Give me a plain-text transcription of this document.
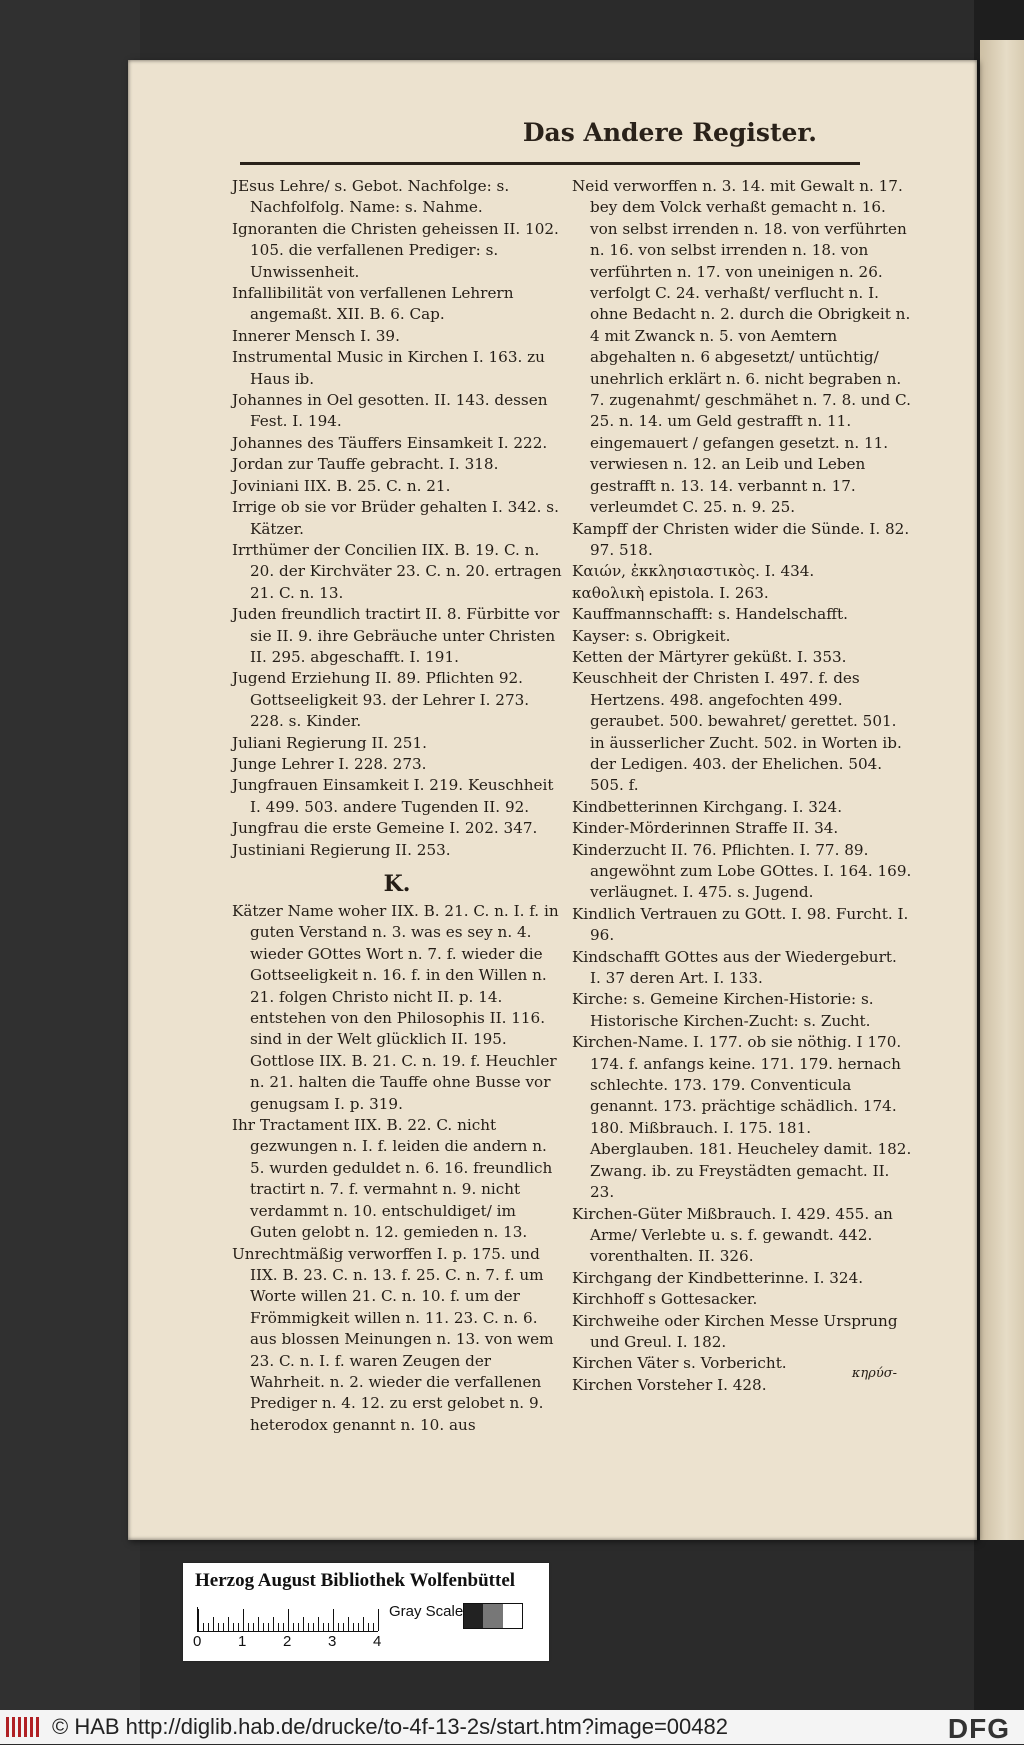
Das Andere Register.

JEsus Lehre/ s. Gebot. Nachfolge: s. Nachfolfolg. Name: s. Nahme.

Ignoranten die Christen geheissen II. 102. 105. die verfallenen Prediger: s. Unwissenheit.

Infallibilität von verfallenen Lehrern angemaßt. XII. B. 6. Cap.

Innerer Mensch I. 39.

Instrumental Music in Kirchen I. 163. zu Haus ib.

Johannes in Oel gesotten. II. 143. dessen Fest. I. 194.

Johannes des Täuffers Einsamkeit I. 222.

Jordan zur Tauffe gebracht. I. 318.

Joviniani IIX. B. 25. C. n. 21.

Irrige ob sie vor Brüder gehalten I. 342. s. Kätzer.

Irrthümer der Concilien IIX. B. 19. C. n. 20. der Kirchväter 23. C. n. 20. ertragen 21. C. n. 13.

Juden freundlich tractirt II. 8. Fürbitte vor sie II. 9. ihre Gebräuche unter Christen II. 295. abgeschafft. I. 191.

Jugend Erziehung II. 89. Pflichten 92. Gottseeligkeit 93. der Lehrer I. 273. 228. s. Kinder.

Juliani Regierung II. 251.

Junge Lehrer I. 228. 273.

Jungfrauen Einsamkeit I. 219. Keuschheit I. 499. 503. andere Tugenden II. 92.

Jungfrau die erste Gemeine I. 202. 347.

Justiniani Regierung II. 253.

K.

Kätzer Name woher IIX. B. 21. C. n. I. f. in guten Verstand n. 3. was es sey n. 4. wieder GOttes Wort n. 7. f. wieder die Gottseeligkeit n. 16. f. in den Willen n. 21. folgen Christo nicht II. p. 14. entstehen von den Philosophis II. 116. sind in der Welt glücklich II. 195. Gottlose IIX. B. 21. C. n. 19. f. Heuchler n. 21. halten die Tauffe ohne Busse vor genugsam I. p. 319.

Ihr Tractament IIX. B. 22. C. nicht gezwungen n. I. f. leiden die andern n. 5. wurden geduldet n. 6. 16. freundlich tractirt n. 7. f. vermahnt n. 9. nicht verdammt n. 10. entschuldiget/ im Guten gelobt n. 12. gemieden n. 13.

Unrechtmäßig verworffen I. p. 175. und IIX. B. 23. C. n. 13. f. 25. C. n. 7. f. um Worte willen 21. C. n. 10. f. um der Frömmigkeit willen n. 11. 23. C. n. 6. aus blossen Meinungen n. 13. von wem 23. C. n. I. f. waren Zeugen der Wahrheit. n. 2. wieder die verfallenen Prediger n. 4. 12. zu erst gelobet n. 9. heterodox genannt n. 10. aus

Neid verworffen n. 3. 14. mit Gewalt n. 17. bey dem Volck verhaßt gemacht n. 16. von selbst irrenden n. 18. von verführten n. 16. von selbst irrenden n. 18. von verführten n. 17. von uneinigen n. 26. verfolgt C. 24. verhaßt/ verflucht n. I. ohne Bedacht n. 2. durch die Obrigkeit n. 4 mit Zwanck n. 5. von Aemtern abgehalten n. 6 abgesetzt/ untüchtig/ unehrlich erklärt n. 6. nicht begraben n. 7. zugenahmt/ geschmähet n. 7. 8. und C. 25. n. 14. um Geld gestrafft n. 11. eingemauert / gefangen gesetzt. n. 11. verwiesen n. 12. an Leib und Leben gestrafft n. 13. 14. verbannt n. 17. verleumdet C. 25. n. 9. 25.

Kampff der Christen wider die Sünde. I. 82. 97. 518.

Καιών, ἐκκλησιαστικὸς. I. 434.

καθολικὴ epistola. I. 263.

Kauffmannschafft: s. Handelschafft.

Kayser: s. Obrigkeit.

Ketten der Märtyrer geküßt. I. 353.

Keuschheit der Christen I. 497. f. des Hertzens. 498. angefochten 499. geraubet. 500. bewahret/ gerettet. 501. in äusserlicher Zucht. 502. in Worten ib. der Ledigen. 403. der Ehelichen. 504. 505. f.

Kindbetterinnen Kirchgang. I. 324.

Kinder-Mörderinnen Straffe II. 34.

Kinderzucht II. 76. Pflichten. I. 77. 89. angewöhnt zum Lobe GOttes. I. 164. 169. verläugnet. I. 475. s. Jugend.

Kindlich Vertrauen zu GOtt. I. 98. Furcht. I. 96.

Kindschafft GOttes aus der Wiedergeburt. I. 37 deren Art. I. 133.

Kirche: s. Gemeine Kirchen-Historie: s. Historische Kirchen-Zucht: s. Zucht.

Kirchen-Name. I. 177. ob sie nöthig. I 170. 174. f. anfangs keine. 171. 179. hernach schlechte. 173. 179. Conventicula genannt. 173. prächtige schädlich. 174. 180. Mißbrauch. I. 175. 181. Aberglauben. 181. Heucheley damit. 182. Zwang. ib. zu Freystädten gemacht. II. 23.

Kirchen-Güter Mißbrauch. I. 429. 455. an Arme/ Verlebte u. s. f. gewandt. 442. vorenthalten. II. 326.

Kirchgang der Kindbetterinne. I. 324.

Kirchhoff s Gottesacker.

Kirchweihe oder Kirchen Messe Ursprung und Greul. I. 182.

Kirchen Väter s. Vorbericht.

Kirchen Vorsteher I. 428.

κηρύσ-
Herzog August Bibliothek Wolfenbüttel
0 1 2 3 4
Gray Scale
© HAB http://diglib.hab.de/drucke/to-4f-13-2s/start.htm?image=00482	DFG
